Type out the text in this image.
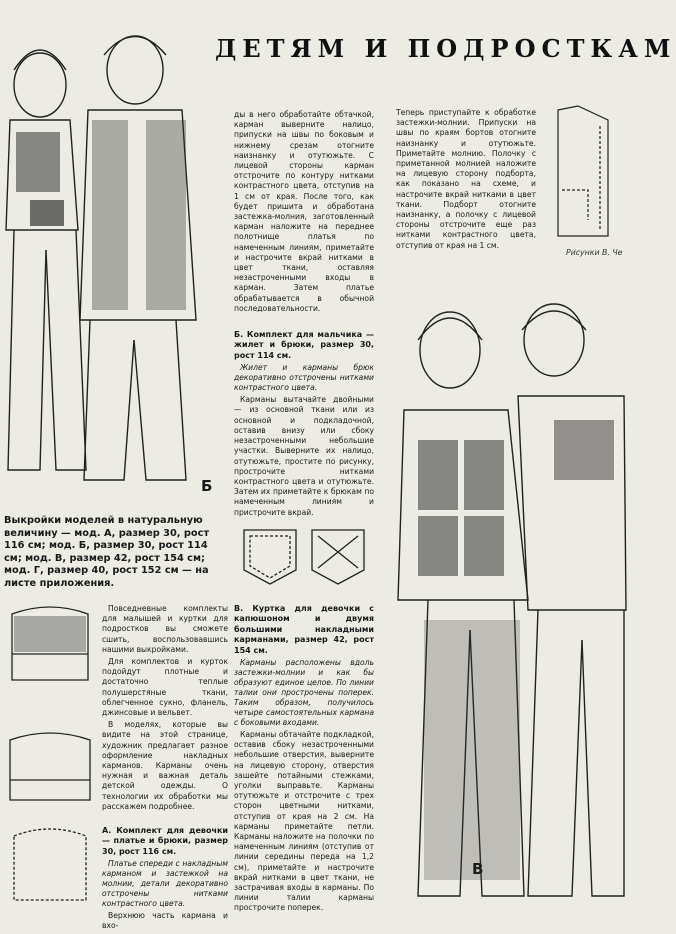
ДЕТЯМ И ПОДРОСТКАМ
Б
Выкройки моделей в натуральную величину — мод. А, размер 30, рост 116 см; мод. Б, размер 30, рост 114 см; мод. В, размер 42, рост 154 см; мод. Г, размер 40, рост 152 см — на листе приложения.

Повседневные комплекты для малышей и куртки для подростков вы сможете сшить, воспользовавшись нашими выкройками.

Для комплектов и курток подойдут плотные и достаточно теплые полушерстяные ткани, облегченное сукно, фланель, джинсовые и вельвет.

В моделях, которые вы видите на этой странице, художник предлагает разное оформление накладных карманов. Карманы очень нужная и важная деталь детской одежды. О технологии их обработки мы расскажем подробнее.

А. Комплект для девочки — платье и брюки, размер 30, рост 116 см.

Платье спереди с накладным карманом и застежкой на молнии, детали декоративно отстрочены нитками контрастного цвета.

Верхнюю часть кармана и вхо-

ды в него обработайте обтачкой, карман выверните налицо, припуски на швы по боковым и нижнему срезам отогните наизнанку и отутюжьте. С лицевой стороны карман отстрочите по контуру нитками контрастного цвета, отступив на 1 см от края. После того, как будет пришита и обработана застежка-молния, заготовленный карман наложите на переднее полотнище платья по намеченным линиям, приметайте и настрочите вкрай нитками в цвет ткани, оставляя незастроченными входы в карман. Затем платье обрабатывается в обычной последовательности.

Б. Комплект для мальчика — жилет и брюки, размер 30, рост 114 см.

Жилет и карманы брюк декоративно отстрочены нитками контрастного цвета.

Карманы вытачайте двойными — из основной ткани или из основной и подкладочной, оставив внизу или сбоку незастроченными небольшие участки. Выверните их налицо, отутюжьте, простите по рисунку, прострочите нитками контрастного цвета и отутюжьте. Затем их приметайте к брюкам по намеченным линиям и пристрочите вкрай.

В. Куртка для девочки с капюшоном и двумя большими накладными карманами, размер 42, рост 154 см.

Карманы расположены вдоль застежки-молнии и как бы образуют единое целое. По линии талии они прострочены поперек. Таким образом, получилось четыре самостоятельных кармана с боковыми входами.

Карманы обтачайте подкладкой, оставив сбоку незастроченными небольшие отверстия, выверните на лицевую сторону, отверстия зашейте потайными стежками, уголки выправьте. Карманы отутюжьте и отстрочите с трех сторон цветными нитками, отступив от края на 2 см. На карманы приметайте петли. Карманы наложите на полочки по намеченным линиям (отступив от линии середины переда на 1,2 см), приметайте и настрочите вкрай нитками в цвет ткани, не застрачивая входы в карманы. По линии талии карманы прострочите поперек.

Теперь приступайте к обработке застежки-молнии. Припуски на швы по краям бортов отогните наизнанку и отутюжьте. Приметайте молнию. Полочку с приметанной молнией наложите на лицевую сторону подборта, как показано на схеме, и настрочите вкрай нитками в цвет ткани. Подборт отогните наизнанку, а полочку с лицевой стороны отстрочите еще раз нитками контрастного цвета, отступив от края на 1 см.

Рисунки В. Че
В
